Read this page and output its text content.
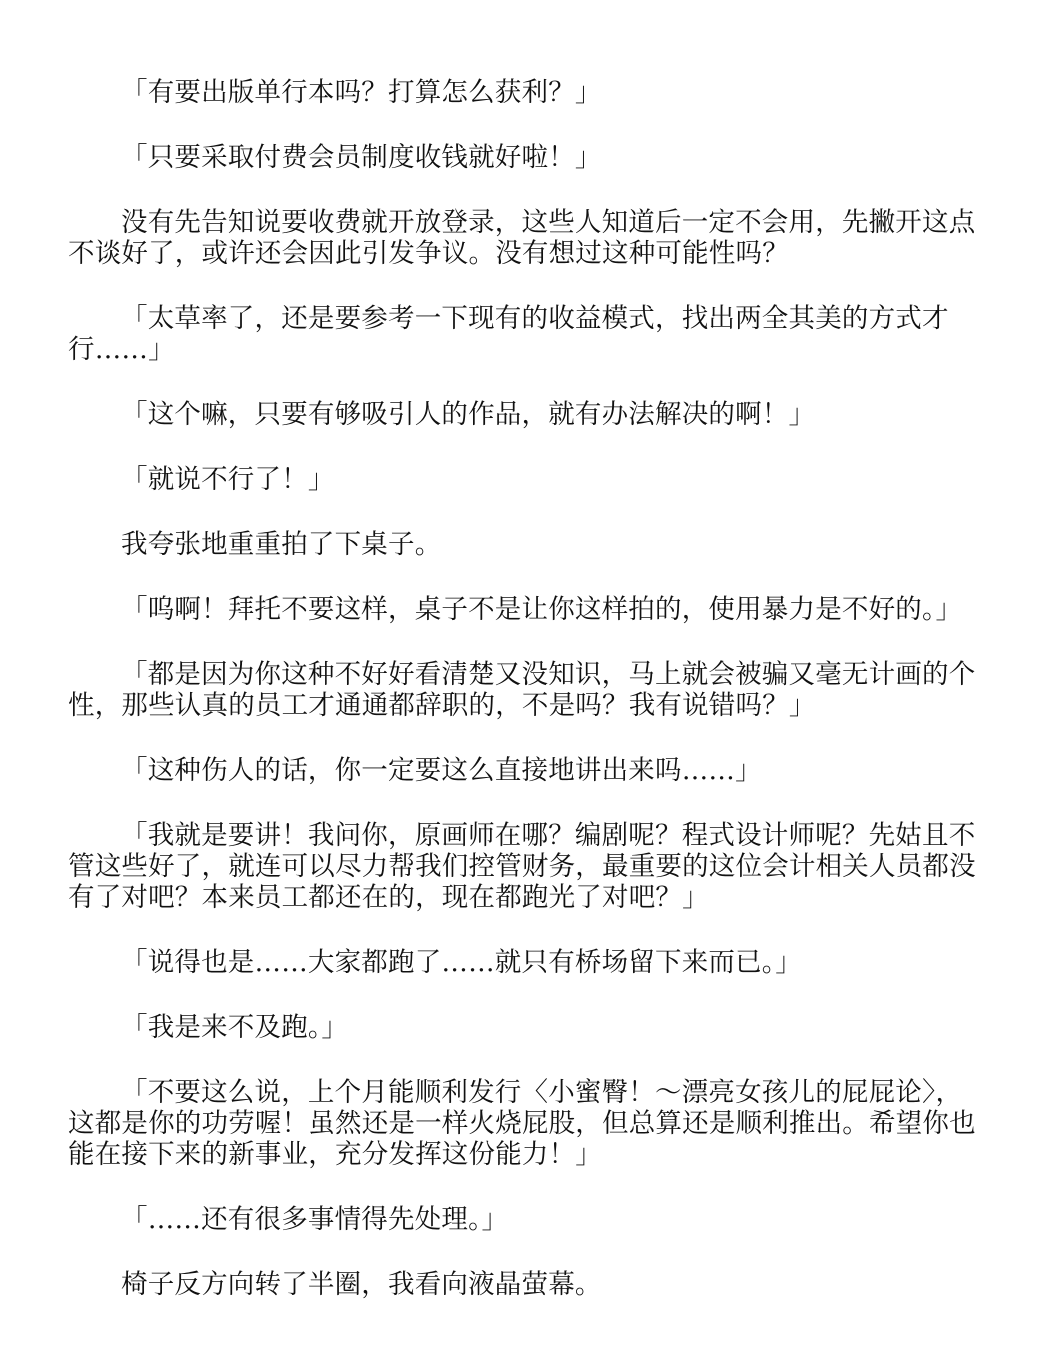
「有要出版单行本吗？打算怎么获利？」

「只要采取付费会员制度收钱就好啦！」

没有先告知说要收费就开放登录，这些人知道后一定不会用，先撇开这点不谈好了，或许还会因此引发争议。没有想过这种可能性吗？

「太草率了，还是要参考一下现有的收益模式，找出两全其美的方式才行……」

「这个嘛，只要有够吸引人的作品，就有办法解决的啊！」

「就说不行了！」

我夸张地重重拍了下桌子。

「呜啊！拜托不要这样，桌子不是让你这样拍的，使用暴力是不好的。」

「都是因为你这种不好好看清楚又没知识，马上就会被骗又毫无计画的个性，那些认真的员工才通通都辞职的，不是吗？我有说错吗？」

「这种伤人的话，你一定要这么直接地讲出来吗……」

「我就是要讲！我问你，原画师在哪？编剧呢？程式设计师呢？先姑且不管这些好了，就连可以尽力帮我们控管财务，最重要的这位会计相关人员都没有了对吧？本来员工都还在的，现在都跑光了对吧？」

「说得也是……大家都跑了……就只有桥场留下来而已。」

「我是来不及跑。」

「不要这么说，上个月能顺利发行〈小蜜臀！～漂亮女孩儿的屁屁论〉，这都是你的功劳喔！虽然还是一样火烧屁股，但总算还是顺利推出。希望你也能在接下来的新事业，充分发挥这份能力！」

「……还有很多事情得先处理。」

椅子反方向转了半圈，我看向液晶萤幕。
